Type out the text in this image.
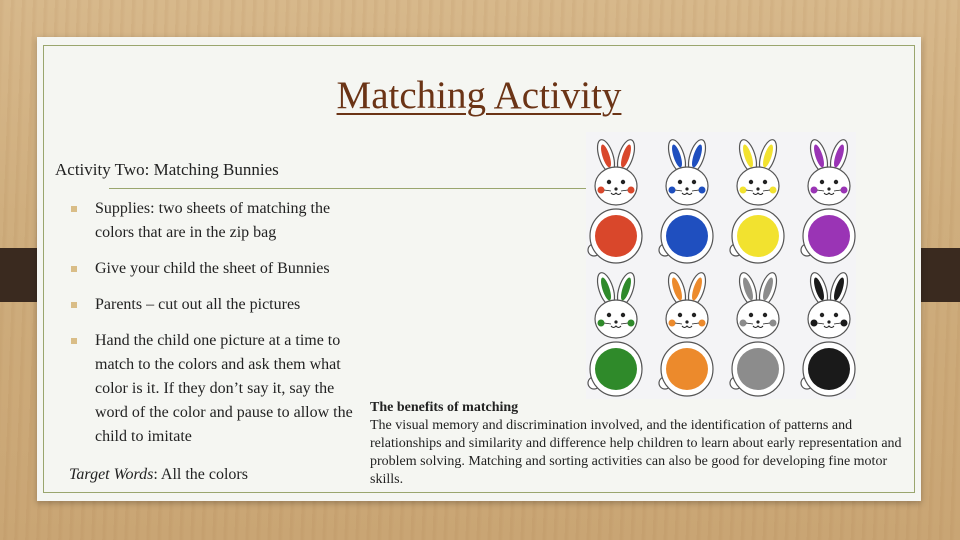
Matching Activity
Activity Two: Matching Bunnies
Supplies: two sheets of matching the colors that are in the zip bag
Give your child the sheet of Bunnies
Parents – cut out all the pictures
Hand the child one picture at a time to match to the colors and ask them what color is it. If they don’t say it, say the word of the color and pause to allow the child to imitate
Target Words: All the colors
The benefits of matching
The visual memory and discrimination involved, and the identification of patterns and relationships and similarity and difference help children to learn about early representation and problem solving. Matching and sorting activities can also be good for developing fine motor skills.
